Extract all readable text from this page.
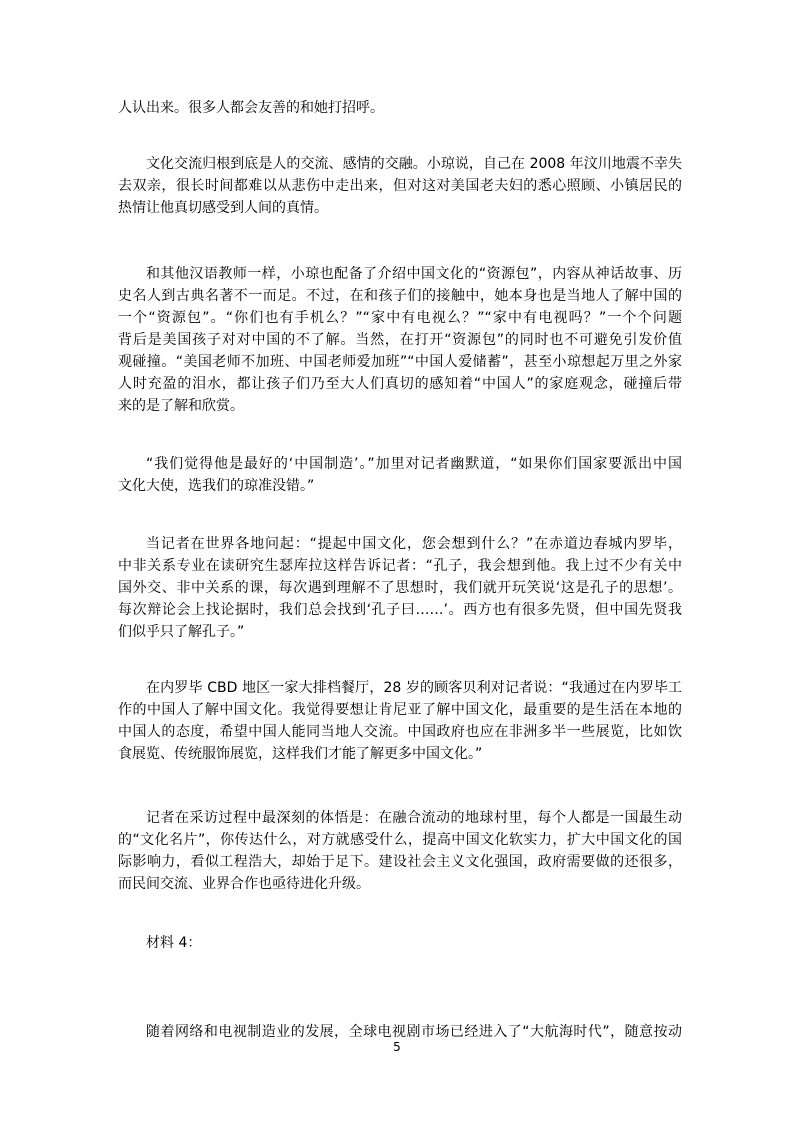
人认出来。很多人都会友善的和她打招呼。
文化交流归根到底是人的交流、感情的交融。小琼说，自己在 2008 年汶川地震不幸失
去双亲，很长时间都难以从悲伤中走出来，但对这对美国老夫妇的悉心照顾、小镇居民的
热情让他真切感受到人间的真情。
和其他汉语教师一样，小琼也配备了介绍中国文化的“资源包”，内容从神话故事、历
史名人到古典名著不一而足。不过，在和孩子们的接触中，她本身也是当地人了解中国的
一个“资源包”。“你们也有手机么？”“家中有电视么？”“家中有电视吗？”一个个问题
背后是美国孩子对对中国的不了解。当然，在打开“资源包”的同时也不可避免引发价值
观碰撞。“美国老师不加班、中国老师爱加班”“中国人爱储蓄”，甚至小琼想起万里之外家
人时充盈的泪水，都让孩子们乃至大人们真切的感知着“中国人”的家庭观念，碰撞后带
来的是了解和欣赏。
“我们觉得他是最好的‘中国制造’。”加里对记者幽默道，“如果你们国家要派出中国
文化大使，选我们的琼准没错。”
当记者在世界各地问起：“提起中国文化，您会想到什么？”在赤道边春城内罗毕，
中非关系专业在读研究生瑟库拉这样告诉记者：“孔子，我会想到他。我上过不少有关中
国外交、非中关系的课，每次遇到理解不了思想时，我们就开玩笑说‘这是孔子的思想’。
每次辩论会上找论据时，我们总会找到‘孔子曰……’。西方也有很多先贤，但中国先贤我
们似乎只了解孔子。”
在内罗毕 CBD 地区一家大排档餐厅，28 岁的顾客贝利对记者说：“我通过在内罗毕工
作的中国人了解中国文化。我觉得要想让肯尼亚了解中国文化，最重要的是生活在本地的
中国人的态度，希望中国人能同当地人交流。中国政府也应在非洲多半一些展览，比如饮
食展览、传统服饰展览，这样我们才能了解更多中国文化。”
记者在采访过程中最深刻的体悟是：在融合流动的地球村里，每个人都是一国最生动
的“文化名片”，你传达什么，对方就感受什么，提高中国文化软实力，扩大中国文化的国
际影响力，看似工程浩大，却始于足下。建设社会主义文化强国，政府需要做的还很多，
而民间交流、业界合作也亟待进化升级。
材料 4：
随着网络和电视制造业的发展，全球电视剧市场已经进入了“大航海时代”，随意按动
5
